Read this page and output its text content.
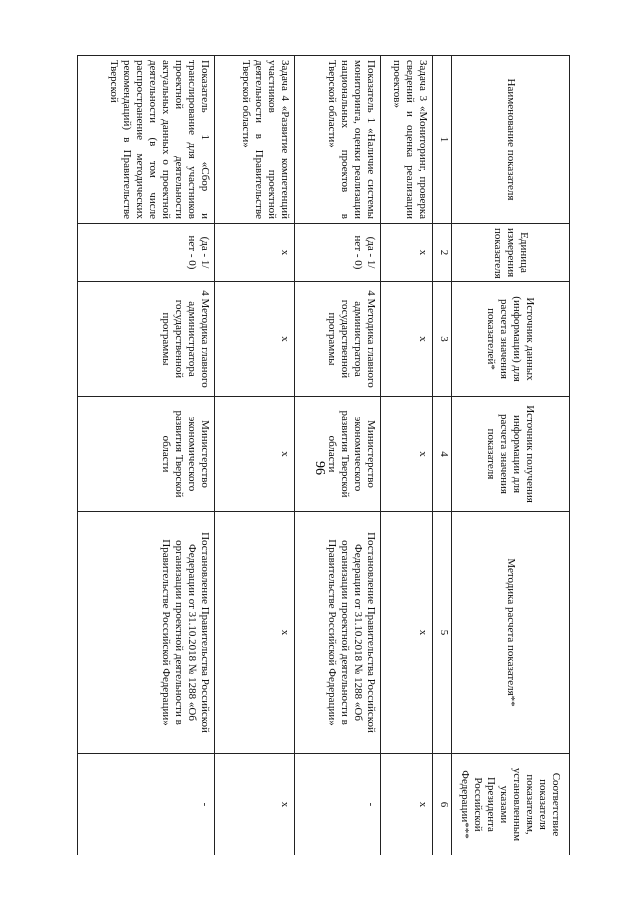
96
Наименование показателя	Единица измерения показателя	Источник данных (информации) для расчета значения показателей*	Источник получения информации для расчета значения показателя	Методика расчета показателя**	Соответствие показателя показателям, установленным указами Президента Российской Федерации***
1	2	3	4	5	6
Задача 3 «Мониторинг, проверка сведений и оценка реализации проектов»	х	х	х	х	х
Показатель 1 «Наличие системы мониторинга, оценки реализации национальных проектов в Тверской области»	(да - 1/ нет - 0)	4 Методика главного администратора государственной программы	Министерство экономического развития Тверской области	Постановление Правительства Российской Федерации от 31.10.2018 № 1288 «Об организации проектной деятельности в Правительстве Российской Федерации»	-
Задача 4 «Развитие компетенций участников проектной деятельности в Правительстве Тверской области»	х	х	х	х	х
Показатель 1 «Сбор и транслирование для участников проектной деятельности актуальных данных о проектной деятельности (в том числе распространение методических рекомендаций) в Правительстве Тверской	(да - 1/ нет - 0)	4 Методика главного администратора государственной программы	Министерство экономического развития Тверской области	Постановление Правительства Российской Федерации от 31.10.2018 № 1288 «Об организации проектной деятельности в Правительстве Российской Федерации»	-
